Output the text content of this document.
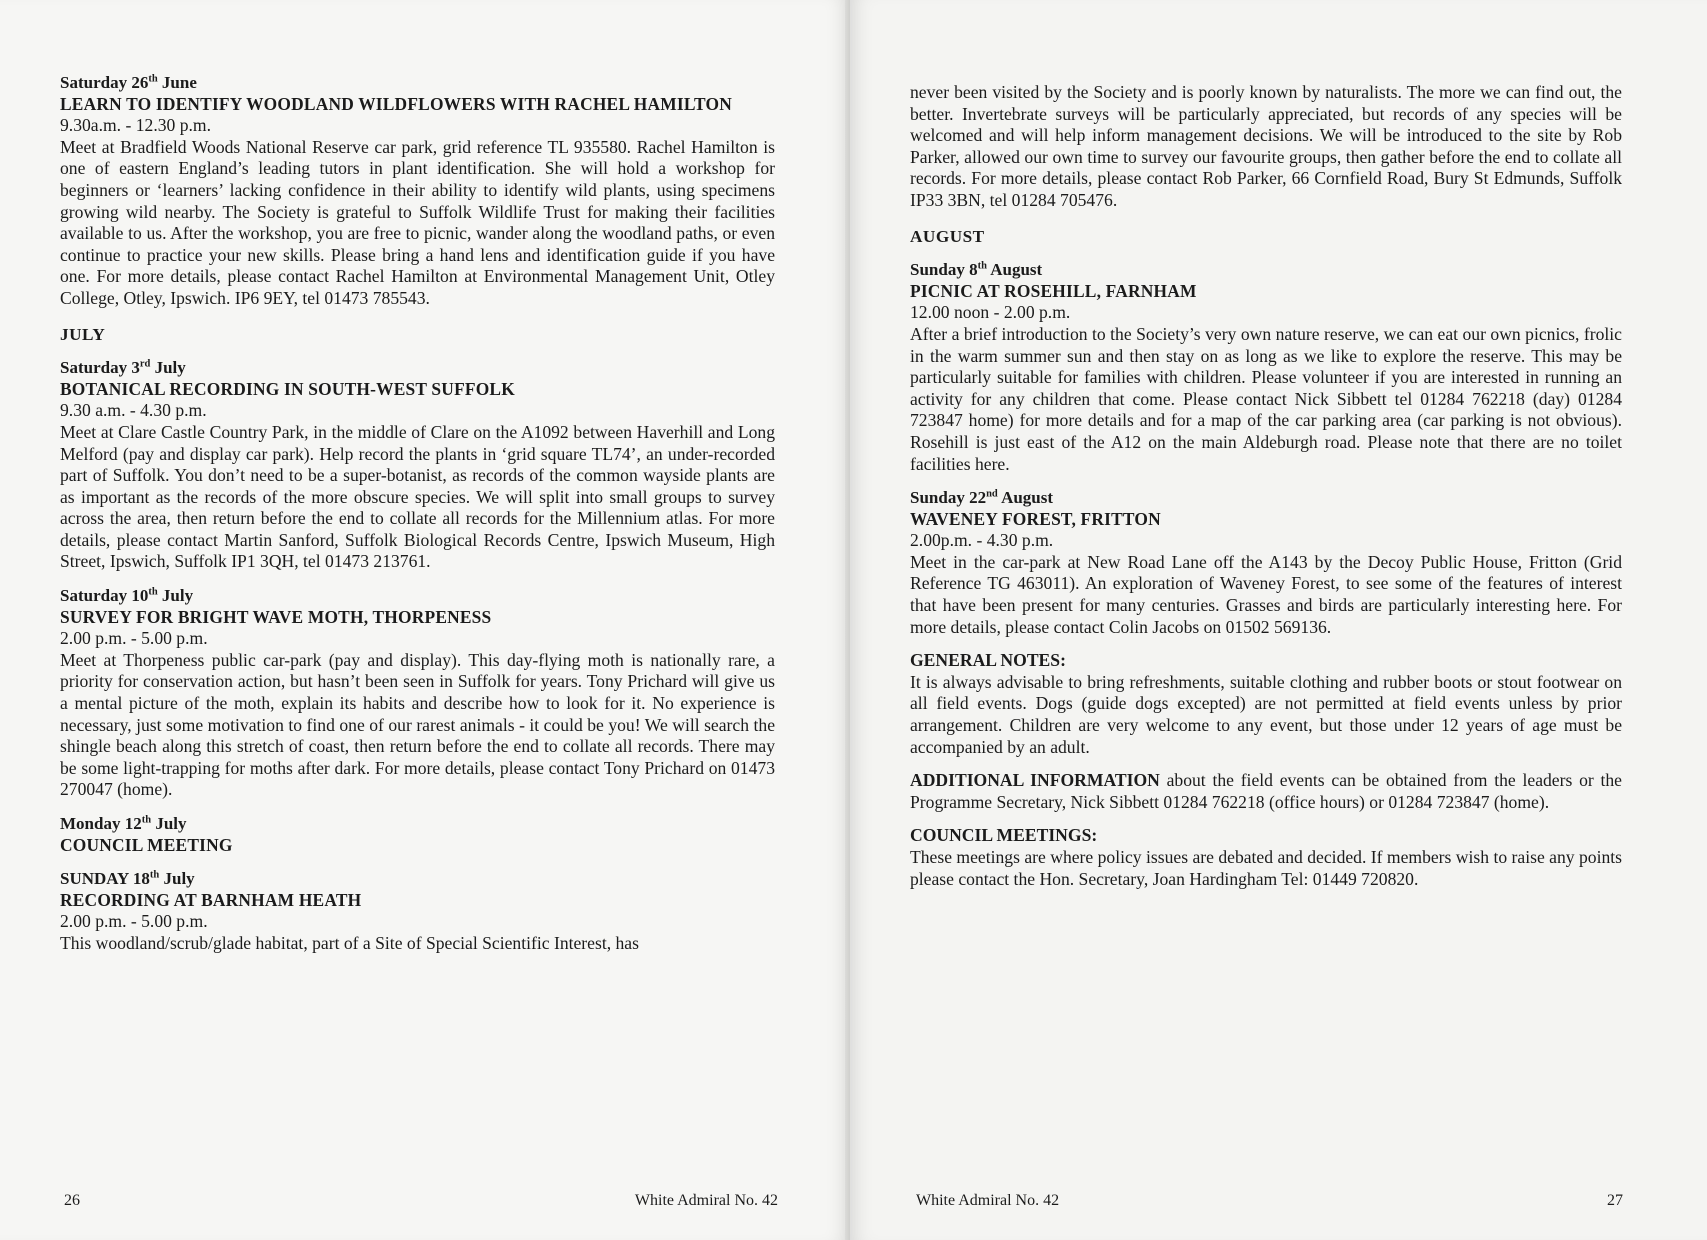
Saturday 26th June
LEARN TO IDENTIFY WOODLAND WILDFLOWERS WITH RACHEL HAMILTON
9.30a.m. - 12.30 p.m.

Meet at Bradfield Woods National Reserve car park, grid reference TL 935580. Rachel Hamilton is one of eastern England’s leading tutors in plant identification. She will hold a workshop for beginners or ‘learners’ lacking confidence in their ability to identify wild plants, using specimens growing wild nearby. The Society is grateful to Suffolk Wildlife Trust for making their facilities available to us. After the workshop, you are free to picnic, wander along the woodland paths, or even continue to practice your new skills. Please bring a hand lens and identification guide if you have one. For more details, please contact Rachel Hamilton at Environmental Management Unit, Otley College, Otley, Ipswich. IP6 9EY, tel 01473 785543.

JULY
Saturday 3rd July
BOTANICAL RECORDING IN SOUTH-WEST SUFFOLK
9.30 a.m. - 4.30 p.m.

Meet at Clare Castle Country Park, in the middle of Clare on the A1092 between Haverhill and Long Melford (pay and display car park). Help record the plants in ‘grid square TL74’, an under-recorded part of Suffolk. You don’t need to be a super-botanist, as records of the common wayside plants are as important as the records of the more obscure species. We will split into small groups to survey across the area, then return before the end to collate all records for the Millennium atlas. For more details, please contact Martin Sanford, Suffolk Biological Records Centre, Ipswich Museum, High Street, Ipswich, Suffolk IP1 3QH, tel 01473 213761.

Saturday 10th July
SURVEY FOR BRIGHT WAVE MOTH, THORPENESS
2.00 p.m. - 5.00 p.m.

Meet at Thorpeness public car-park (pay and display). This day-flying moth is nationally rare, a priority for conservation action, but hasn’t been seen in Suffolk for years. Tony Prichard will give us a mental picture of the moth, explain its habits and describe how to look for it. No experience is necessary, just some motivation to find one of our rarest animals - it could be you! We will search the shingle beach along this stretch of coast, then return before the end to collate all records. There may be some light-trapping for moths after dark. For more details, please contact Tony Prichard on 01473 270047 (home).

Monday 12th July
COUNCIL MEETING
SUNDAY 18th July
RECORDING AT BARNHAM HEATH
2.00 p.m. - 5.00 p.m.

This woodland/scrub/glade habitat, part of a Site of Special Scientific Interest, has

26	White Admiral No. 42

never been visited by the Society and is poorly known by naturalists. The more we can find out, the better. Invertebrate surveys will be particularly appreciated, but records of any species will be welcomed and will help inform management decisions. We will be introduced to the site by Rob Parker, allowed our own time to survey our favourite groups, then gather before the end to collate all records. For more details, please contact Rob Parker, 66 Cornfield Road, Bury St Edmunds, Suffolk IP33 3BN, tel 01284 705476.

AUGUST
Sunday 8th August
PICNIC AT ROSEHILL, FARNHAM
12.00 noon - 2.00 p.m.

After a brief introduction to the Society’s very own nature reserve, we can eat our own picnics, frolic in the warm summer sun and then stay on as long as we like to explore the reserve. This may be particularly suitable for families with children. Please volunteer if you are interested in running an activity for any children that come. Please contact Nick Sibbett tel 01284 762218 (day) 01284 723847 home) for more details and for a map of the car parking area (car parking is not obvious). Rosehill is just east of the A12 on the main Aldeburgh road. Please note that there are no toilet facilities here.

Sunday 22nd August
WAVENEY FOREST, FRITTON
2.00p.m. - 4.30 p.m.

Meet in the car-park at New Road Lane off the A143 by the Decoy Public House, Fritton (Grid Reference TG 463011). An exploration of Waveney Forest, to see some of the features of interest that have been present for many centuries. Grasses and birds are particularly interesting here. For more details, please contact Colin Jacobs on 01502 569136.

GENERAL NOTES:

It is always advisable to bring refreshments, suitable clothing and rubber boots or stout footwear on all field events. Dogs (guide dogs excepted) are not permitted at field events unless by prior arrangement. Children are very welcome to any event, but those under 12 years of age must be accompanied by an adult.

ADDITIONAL INFORMATION about the field events can be obtained from the leaders or the Programme Secretary, Nick Sibbett 01284 762218 (office hours) or 01284 723847 (home).

COUNCIL MEETINGS:

These meetings are where policy issues are debated and decided. If members wish to raise any points please contact the Hon. Secretary, Joan Hardingham Tel: 01449 720820.

White Admiral No. 42	27
